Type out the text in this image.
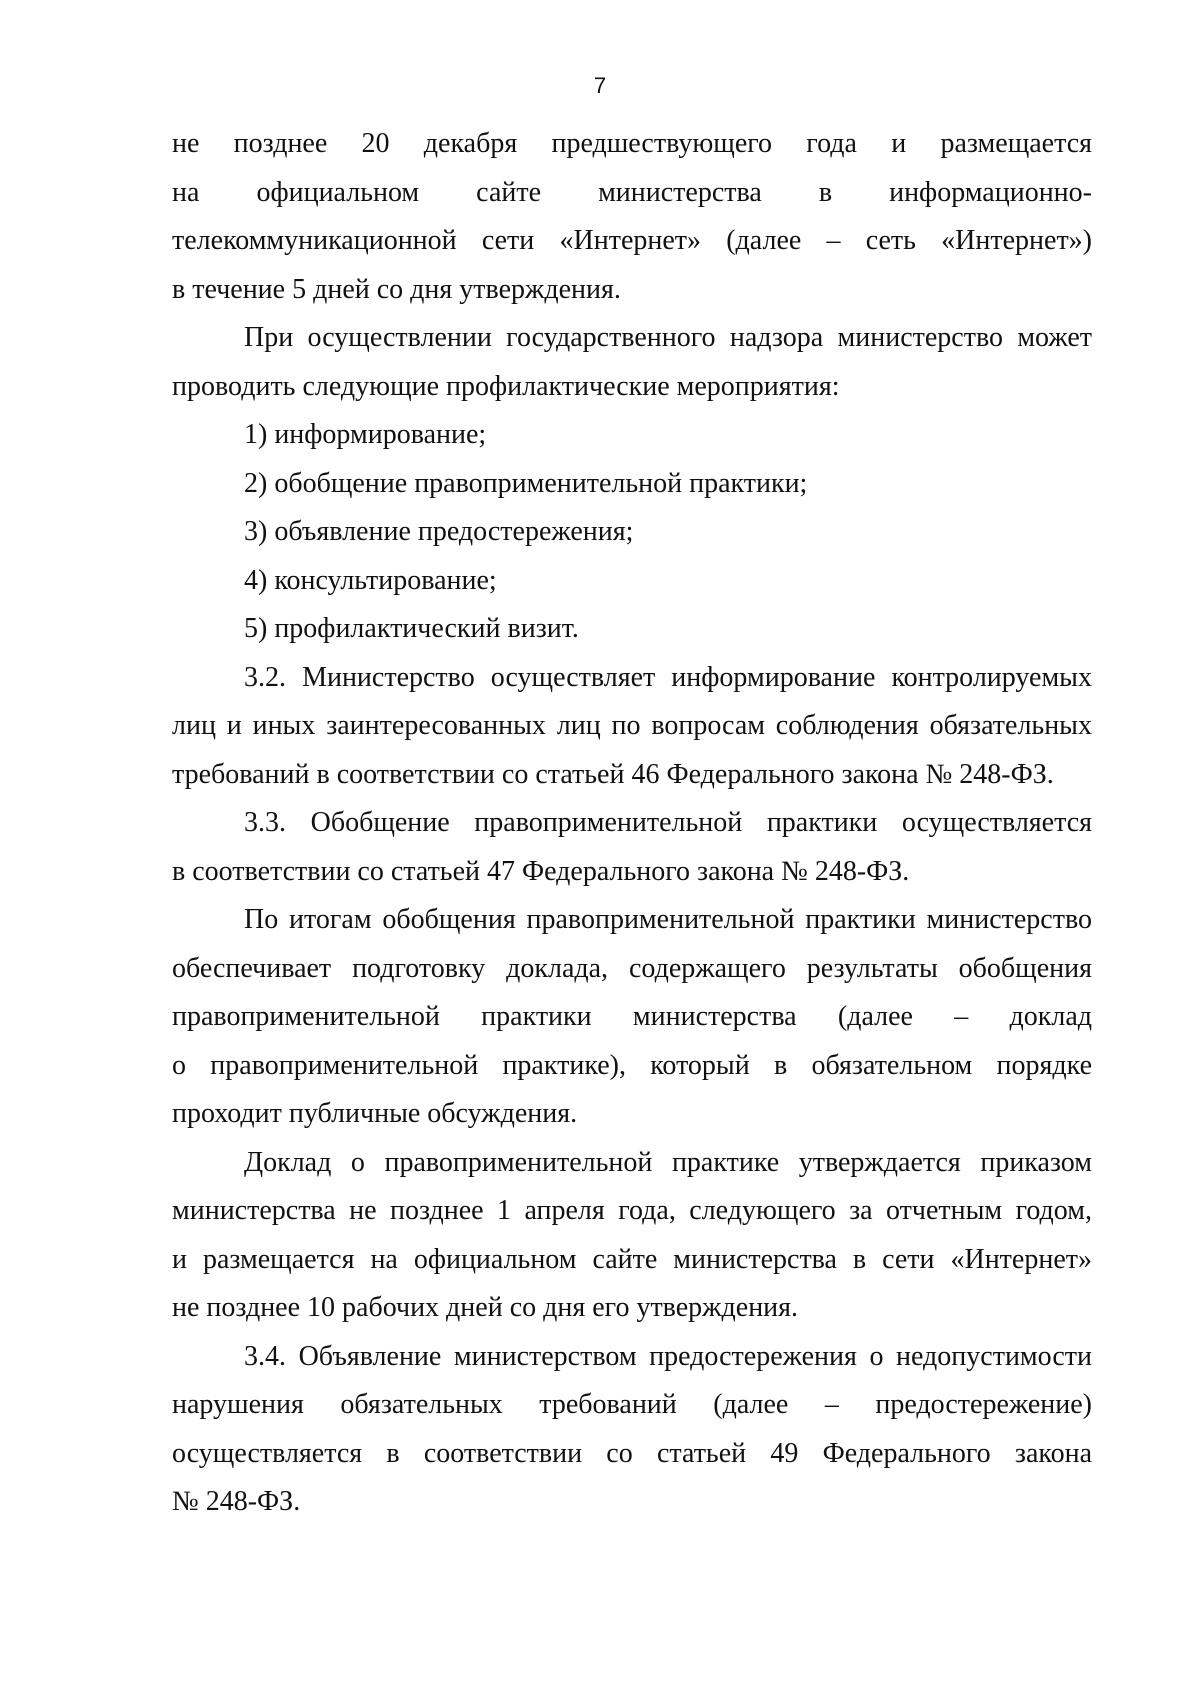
7
не позднее 20 декабря предшествующего года и размещается
на официальном сайте министерства в информационно-
телекоммуникационной сети «Интернет» (далее – сеть «Интернет»)
в течение 5 дней со дня утверждения.
При осуществлении государственного надзора министерство может
проводить следующие профилактические мероприятия:
1) информирование;
2) обобщение правоприменительной практики;
3) объявление предостережения;
4) консультирование;
5) профилактический визит.
3.2. Министерство осуществляет информирование контролируемых
лиц и иных заинтересованных лиц по вопросам соблюдения обязательных
требований в соответствии со статьей 46 Федерального закона № 248-ФЗ.
3.3. Обобщение правоприменительной практики осуществляется
в соответствии со статьей 47 Федерального закона № 248-ФЗ.
По итогам обобщения правоприменительной практики министерство
обеспечивает подготовку доклада, содержащего результаты обобщения
правоприменительной практики министерства (далее – доклад
о правоприменительной практике), который в обязательном порядке
проходит публичные обсуждения.
Доклад о правоприменительной практике утверждается приказом
министерства не позднее 1 апреля года, следующего за отчетным годом,
и размещается на официальном сайте министерства в сети «Интернет»
не позднее 10 рабочих дней со дня его утверждения.
3.4. Объявление министерством предостережения о недопустимости
нарушения обязательных требований (далее – предостережение)
осуществляется в соответствии со статьей 49 Федерального закона
№ 248-ФЗ.
